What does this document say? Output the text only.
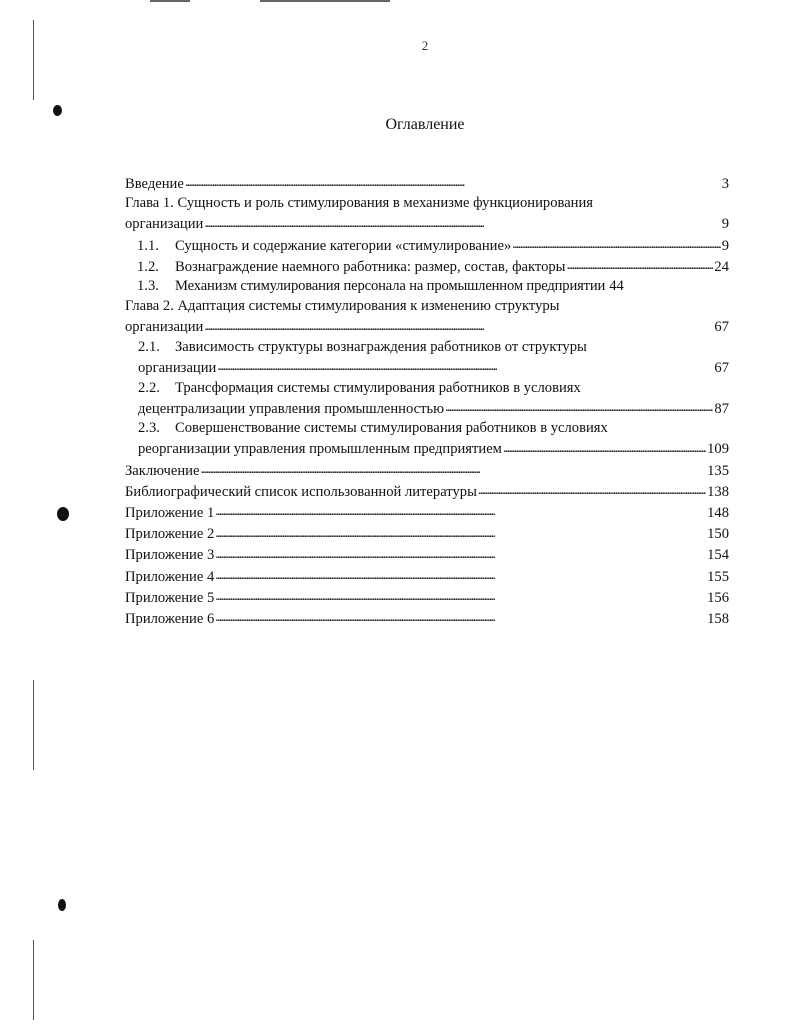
2
Оглавление
Введение . . .	3
Глава 1. Сущность и роль стимулирования в механизме функционирования
организации . . .	9
1.1.	Сущность и содержание категории «стимулирование» . . .	9
1.2.	Вознаграждение наемного работника: размер, состав, факторы . . .	24
1.3.	Механизм стимулирования персонала на промышленном предприятии 44
Глава 2. Адаптация системы стимулирования к изменению структуры
организации . . .	67
2.1. Зависимость структуры вознаграждения работников от структуры
организации . . .	67
2.2. Трансформация системы стимулирования работников в условиях
децентрализации управления промышленностью . . .	87
2.3. Совершенствование системы стимулирования работников в условиях
реорганизации управления промышленным предприятием . . .	109
Заключение . . .	135
Библиографический список использованной литературы . . .	138
Приложение 1 . . .	148
Приложение 2 . . .	150
Приложение 3 . . .	154
Приложение 4 . . .	155
Приложение 5 . . .	156
Приложение 6 . . .	158
